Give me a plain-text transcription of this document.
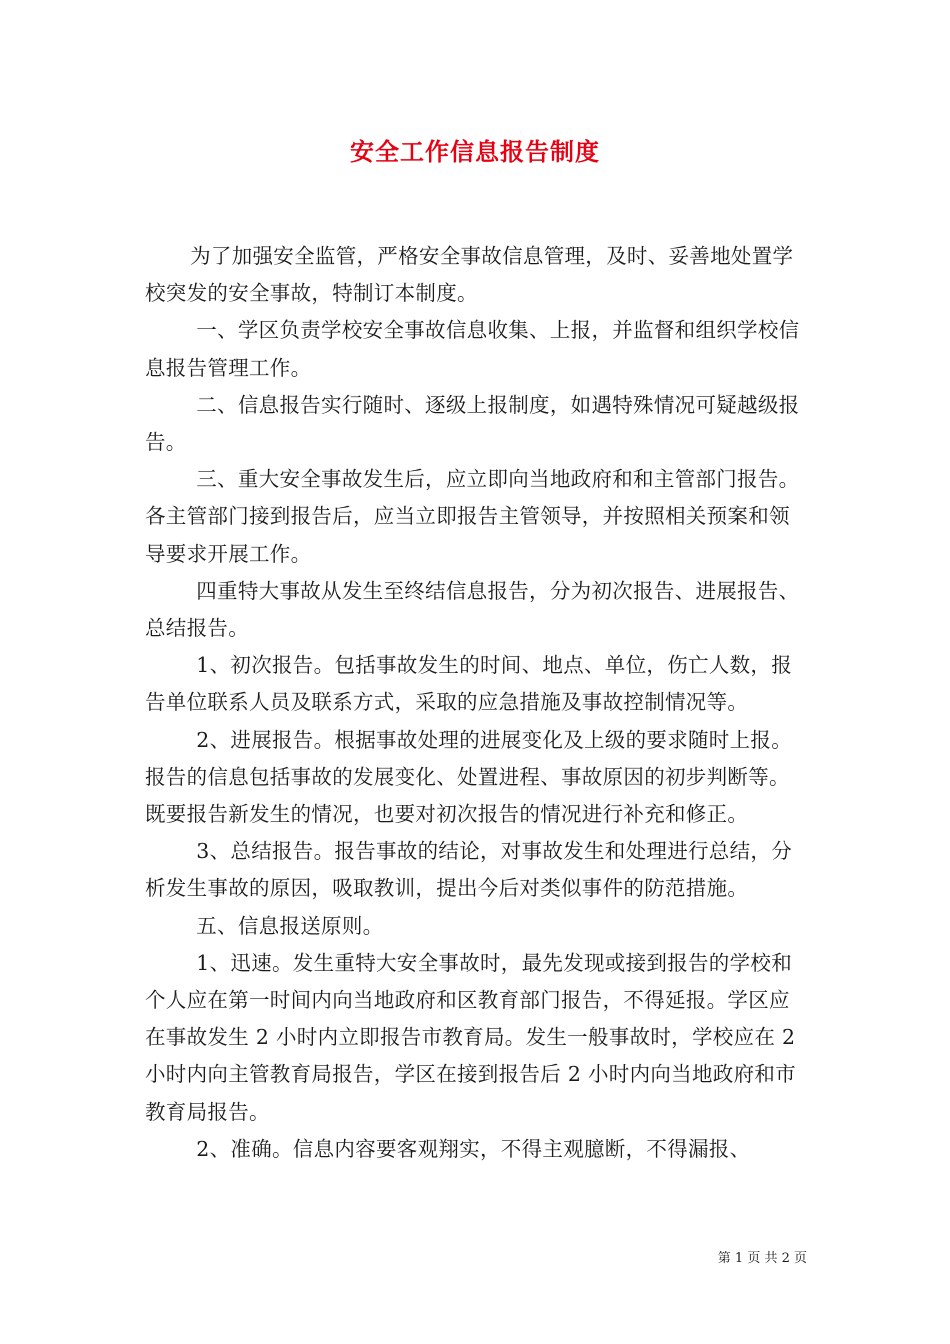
安全工作信息报告制度

为了加强安全监管，严格安全事故信息管理，及时、妥善地处置学校突发的安全事故，特制订本制度。

一、学区负责学校安全事故信息收集、上报，并监督和组织学校信息报告管理工作。

二、信息报告实行随时、逐级上报制度，如遇特殊情况可疑越级报告。

三、重大安全事故发生后，应立即向当地政府和和主管部门报告。各主管部门接到报告后，应当立即报告主管领导，并按照相关预案和领导要求开展工作。

四重特大事故从发生至终结信息报告，分为初次报告、进展报告、总结报告。

1、初次报告。包括事故发生的时间、地点、单位，伤亡人数，报告单位联系人员及联系方式，采取的应急措施及事故控制情况等。

2、进展报告。根据事故处理的进展变化及上级的要求随时上报。报告的信息包括事故的发展变化、处置进程、事故原因的初步判断等。既要报告新发生的情况，也要对初次报告的情况进行补充和修正。

3、总结报告。报告事故的结论，对事故发生和处理进行总结，分析发生事故的原因，吸取教训，提出今后对类似事件的防范措施。

五、信息报送原则。

1、迅速。发生重特大安全事故时，最先发现或接到报告的学校和个人应在第一时间内向当地政府和区教育部门报告，不得延报。学区应在事故发生 2 小时内立即报告市教育局。发生一般事故时，学校应在 2 小时内向主管教育局报告，学区在接到报告后 2 小时内向当地政府和市教育局报告。

2、准确。信息内容要客观翔实，不得主观臆断，不得漏报、

第 1 页 共 2 页
